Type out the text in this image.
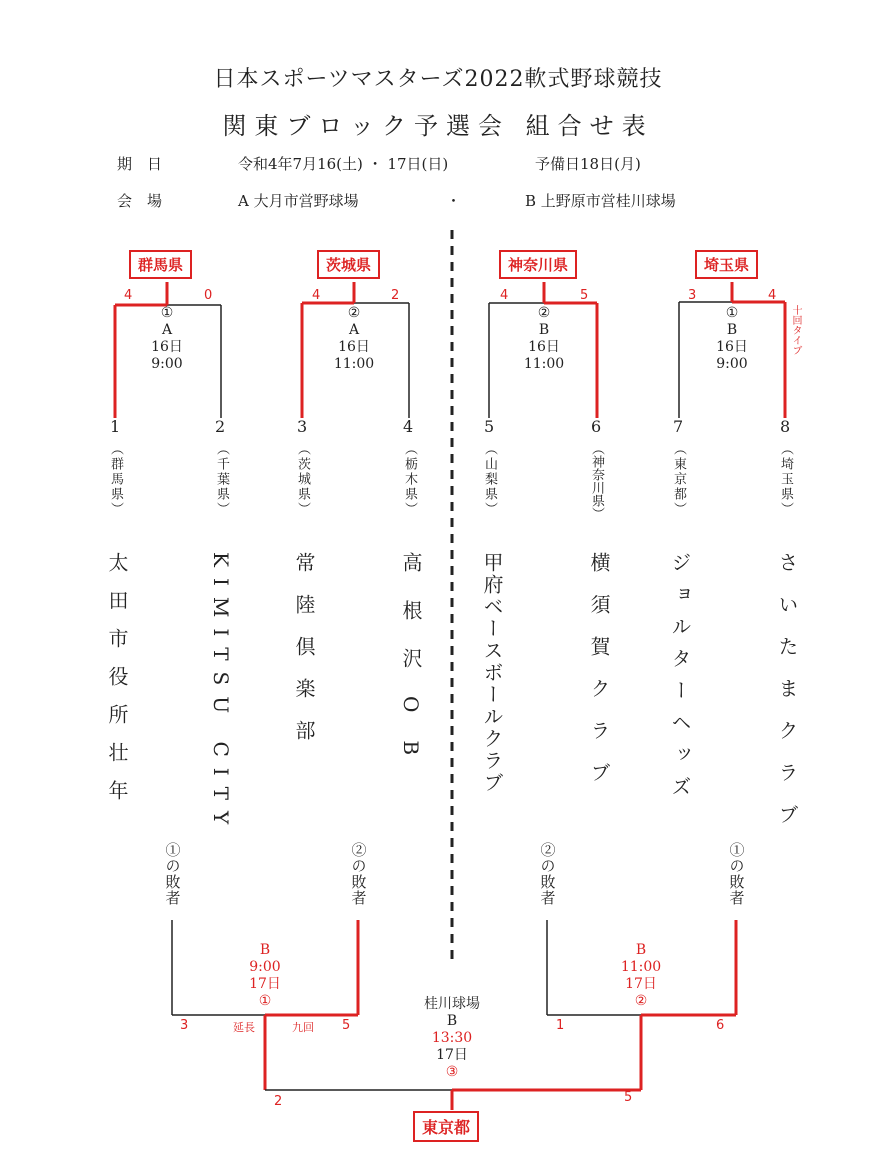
日本スポーツマスターズ2022軟式野球競技
関東ブロック予選会 組合せ表
期　日	令和4年7月16(土) ・ 17日(日)	予備日18日(月)
会　場	A 大月市営野球場	・	B 上野原市営桂川球場
群馬県	茨城県	神奈川県	埼玉県
4	0
①
A
16日
9:00
4	2
②
A
16日
11:00
4	5
②
B
16日
11:00
3	4
①
B
16日
9:00
十回タイブ
1
（群馬県）
太田市役所壮年
2
（千葉県）
KIMITSU CITY
3
（茨城県）
常陸倶楽部
4
（栃木県）
高根沢OB
5
（山梨県）
甲府ベースボールクラブ
6
（神奈川県）
横須賀クラブ
7
（東京都）
ジョルターヘッズ
8
（埼玉県）
さいたまクラブ
①の敗者	②の敗者	②の敗者	①の敗者
B
9:00
17日
①
3	5
延長	九回
B
11:00
17日
②
1	6
桂川球場
B
13:30
17日
③
2	5
東京都
